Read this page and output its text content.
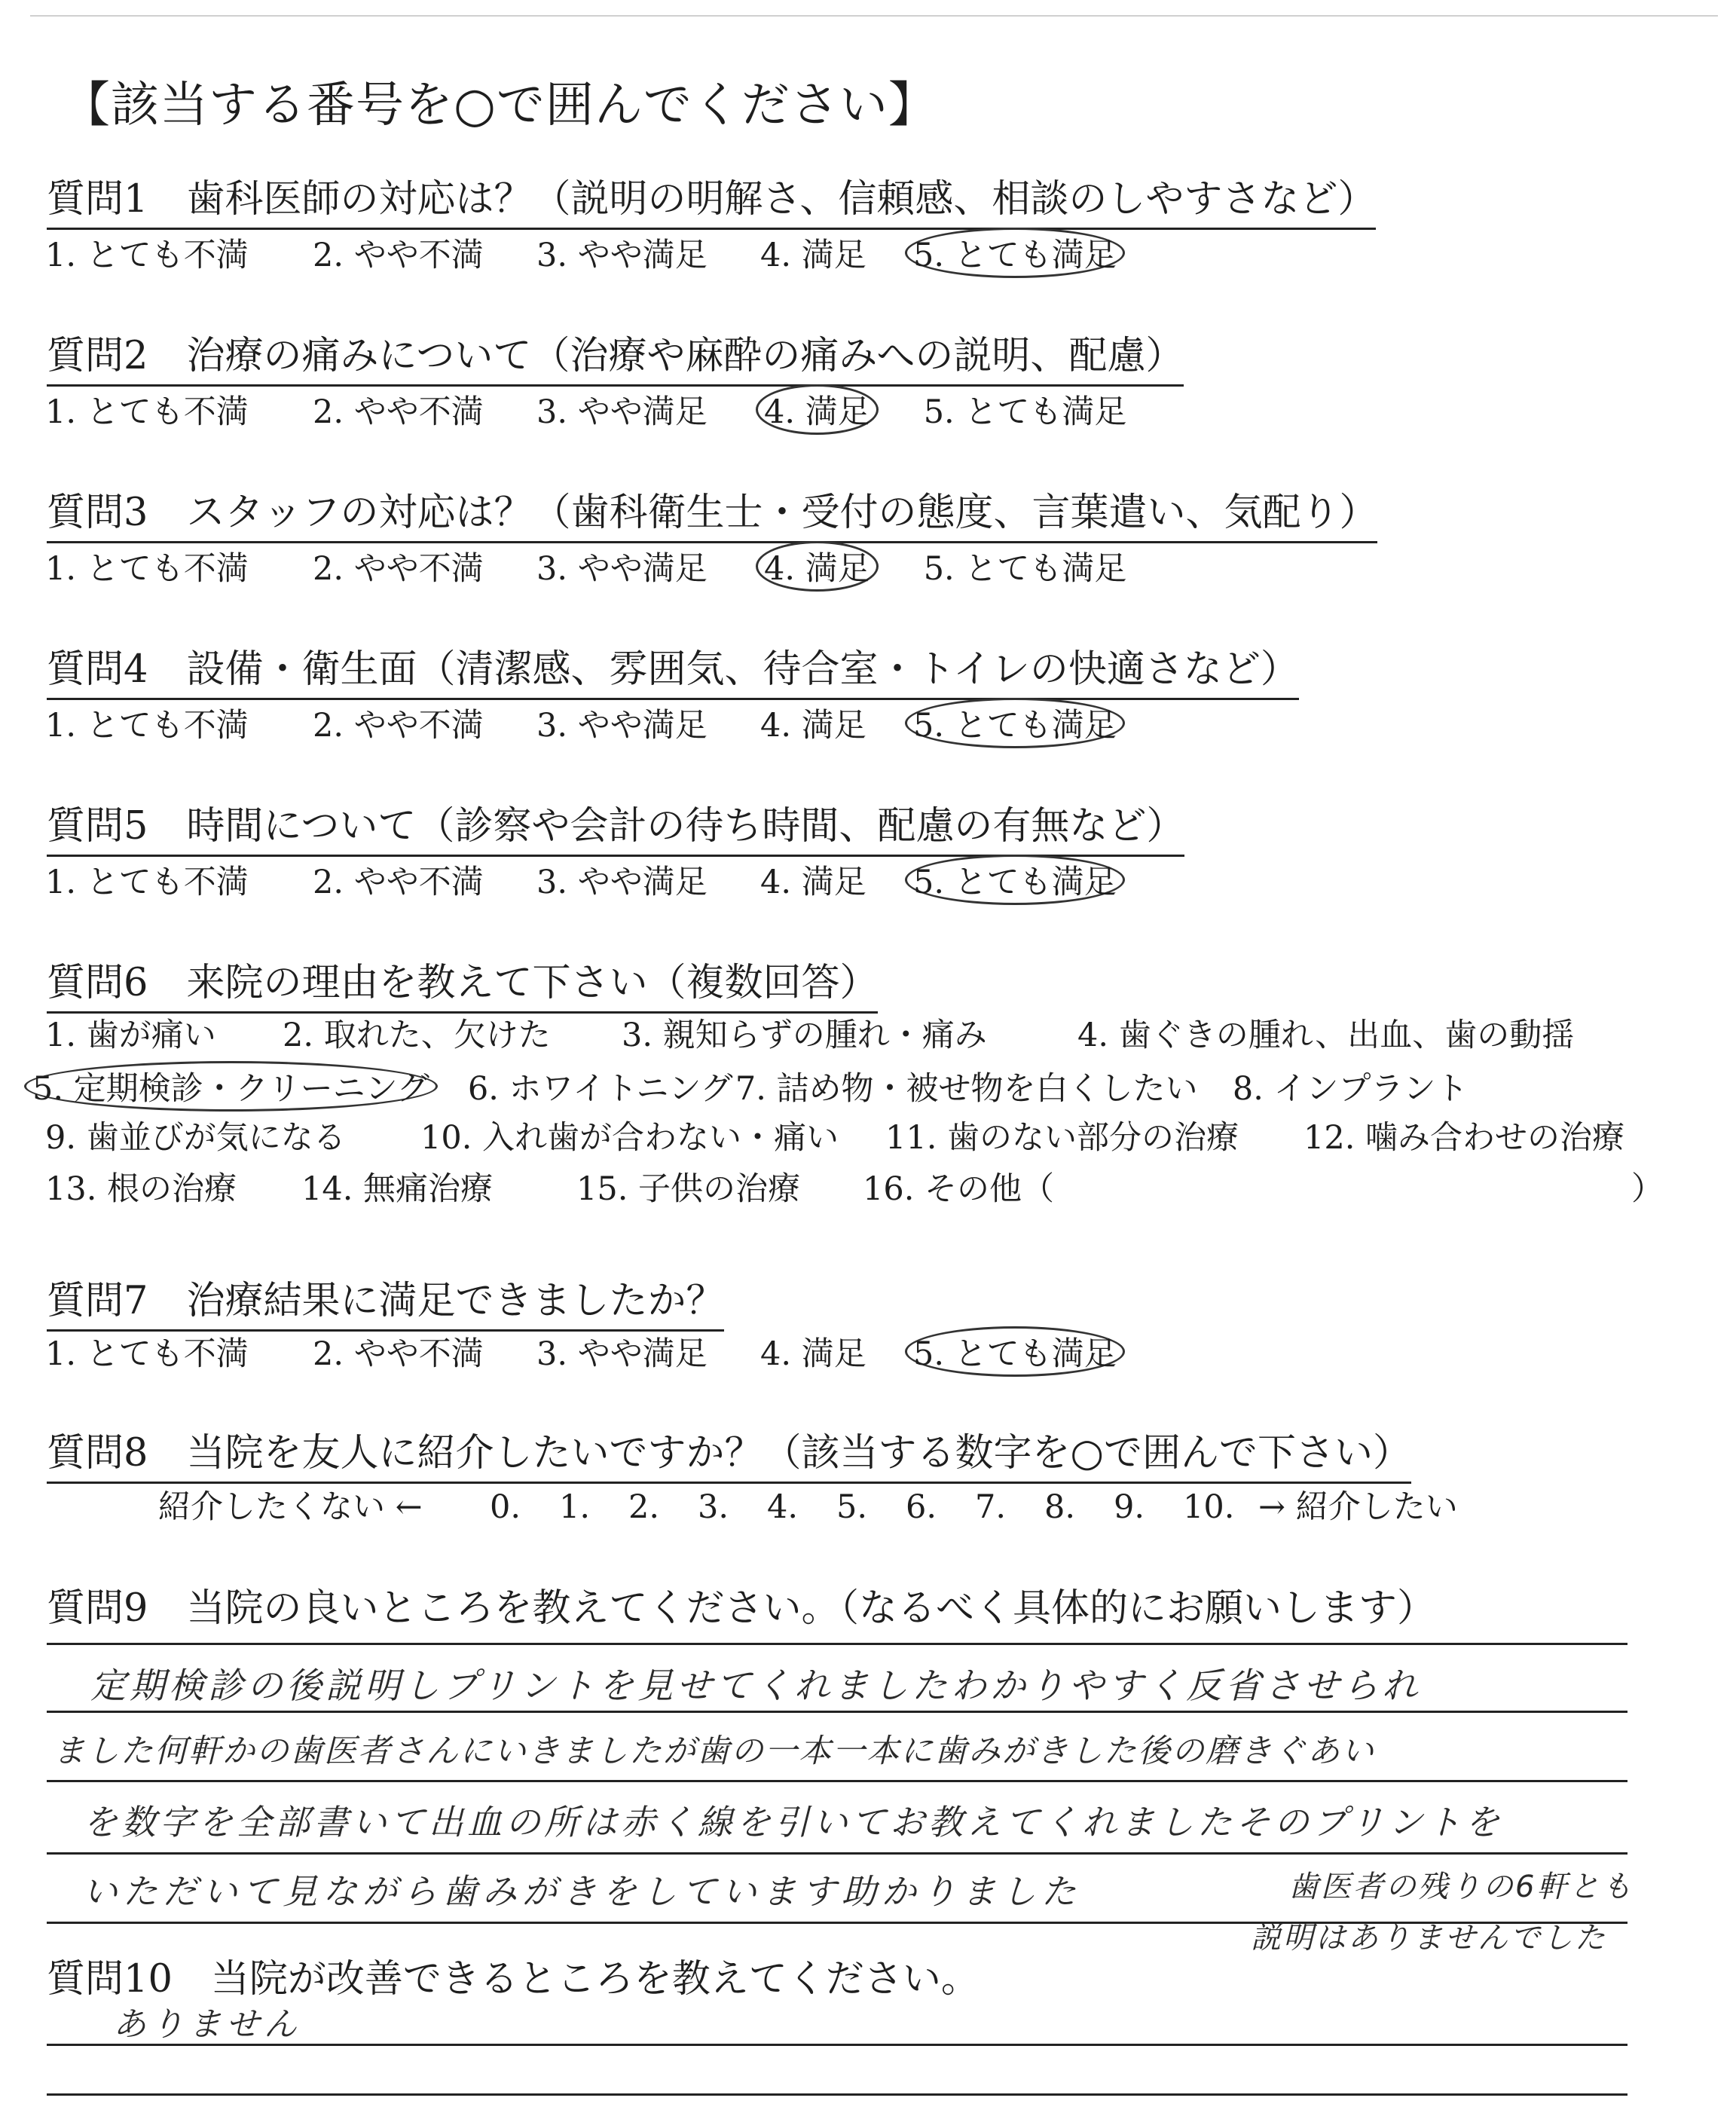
【該当する番号を○で囲んでください】
質問1　歯科医師の対応は？（説明の明解さ、信頼感、相談のしやすさなど）
1. とても不満 2. やや不満 3. やや満足 4. 満足 5. とても満足
質問2　治療の痛みについて（治療や麻酔の痛みへの説明、配慮）
1. とても不満 2. やや不満 3. やや満足 4. 満足 5. とても満足
質問3　スタッフの対応は？（歯科衛生士・受付の態度、言葉遣い、気配り）
1. とても不満 2. やや不満 3. やや満足 4. 満足 5. とても満足
質問4　設備・衛生面（清潔感、雰囲気、待合室・トイレの快適さなど）
1. とても不満 2. やや不満 3. やや満足 4. 満足 5. とても満足
質問5　時間について（診察や会計の待ち時間、配慮の有無など）
1. とても不満 2. やや不満 3. やや満足 4. 満足 5. とても満足
質問6　来院の理由を教えて下さい（複数回答）
1. 歯が痛い 2. 取れた、欠けた 3. 親知らずの腫れ・痛み	4. 歯ぐきの腫れ、出血、歯の動揺
5. 定期検診・クリーニング 6. ホワイトニング7. 詰め物・被せ物を白くしたい 8. インプラント
9. 歯並びが気になる 10. 入れ歯が合わない・痛い 11. 歯のない部分の治療 12. 噛み合わせの治療
13. 根の治療 14. 無痛治療	15. 子供の治療 16. その他（	）
質問7　治療結果に満足できましたか？
1. とても不満 2. やや不満 3. やや満足 4. 満足 5. とても満足
質問8　当院を友人に紹介したいですか？（該当する数字を○で囲んで下さい）
紹介したくない ← 0. 1. 2. 3. 4. 5. 6. 7. 8. 9. 10. → 紹介したい
質問9　当院の良いところを教えてください。（なるべく具体的にお願いします）
定期検診の後説明しプリントを見せてくれましたわかりやすく反省させられ
ました何軒かの歯医者さんにいきましたが歯の一本一本に歯みがきした後の磨きぐあい
を数字を全部書いて出血の所は赤く線を引いてお教えてくれましたそのプリントを
いただいて見ながら歯みがきをしています助かりました	歯医者の残りの6軒とも
説明はありませんでした
質問10　当院が改善できるところを教えてください。
ありません
